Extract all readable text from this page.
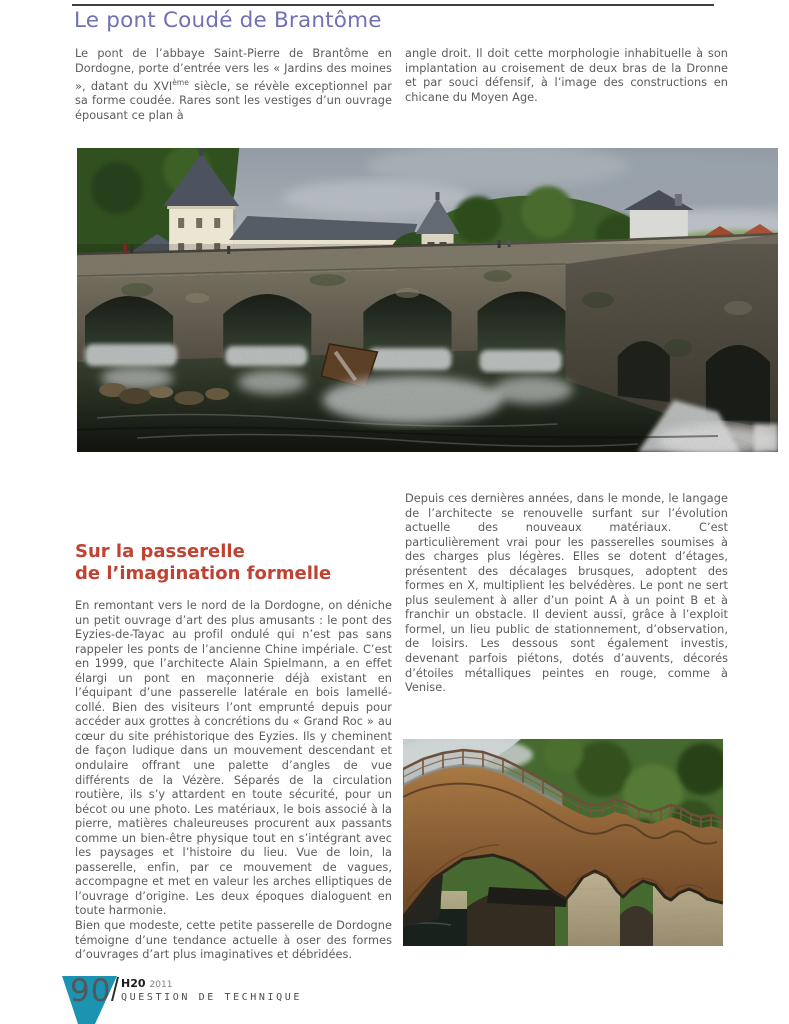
Le pont Coudé de Brantôme

Le pont de l’abbaye Saint-Pierre de Brantôme en Dordogne, porte d’entrée vers les « Jardins des moines », datant du XVIème siècle, se révèle exceptionnel par sa forme coudée. Rares sont les vestiges d’un ouvrage épousant ce plan à

angle droit. Il doit cette morphologie inhabituelle à son implantation au croisement de deux bras de la Dronne et par souci défensif, à l’image des constructions en chicane du Moyen Age.

Sur la passerelle
de l’imagination formelle

En remontant vers le nord de la Dordogne, on déniche un petit ouvrage d’art des plus amusants : le pont des Eyzies-de-Tayac au profil ondulé qui n’est pas sans rappeler les ponts de l’ancienne Chine impériale. C’est en 1999, que l’architecte Alain Spielmann, a en effet élargi un pont en maçonnerie déjà existant en l’équipant d’une passerelle latérale en bois lamellé-collé. Bien des visiteurs l’ont emprunté depuis pour accéder aux grottes à concrétions du « Grand Roc » au cœur du site préhistorique des Eyzies. Ils y cheminent de façon ludique dans un mouvement descendant et ondulaire offrant une palette d’angles de vue différents de la Vézère. Séparés de la circulation routière, ils s’y attardent en toute sécurité, pour un bécot ou une photo. Les matériaux, le bois associé à la pierre, matières chaleureuses procurent aux passants comme un bien-être physique tout en s’intégrant avec les paysages et l’histoire du lieu. Vue de loin, la passerelle, enfin, par ce mouvement de vagues, accompagne et met en valeur les arches elliptiques de l’ouvrage d’origine. Les deux époques dialoguent en toute harmonie.

Bien que modeste, cette petite passerelle de Dordogne témoigne d’une tendance actuelle à oser des formes d’ouvrages d’art plus imaginatives et débridées.

Depuis ces dernières années, dans le monde, le langage de l’architecte se renouvelle surfant sur l’évolution actuelle des nouveaux matériaux. C’est particulièrement vrai pour les passerelles soumises à des charges plus légères. Elles se dotent d’étages, présentent des décalages brusques, adoptent des formes en X, multiplient les belvédères. Le pont ne sert plus seulement à aller d’un point A à un point B et à franchir un obstacle. Il devient aussi, grâce à l’exploit formel, un lieu public de stationnement, d’observation, de loisirs. Les dessous sont également investis, devenant parfois piétons, dotés d’auvents, décorés d’étoiles métalliques peintes en rouge, comme à Venise.

90 H20 2011
QUESTION DE TECHNIQUE
